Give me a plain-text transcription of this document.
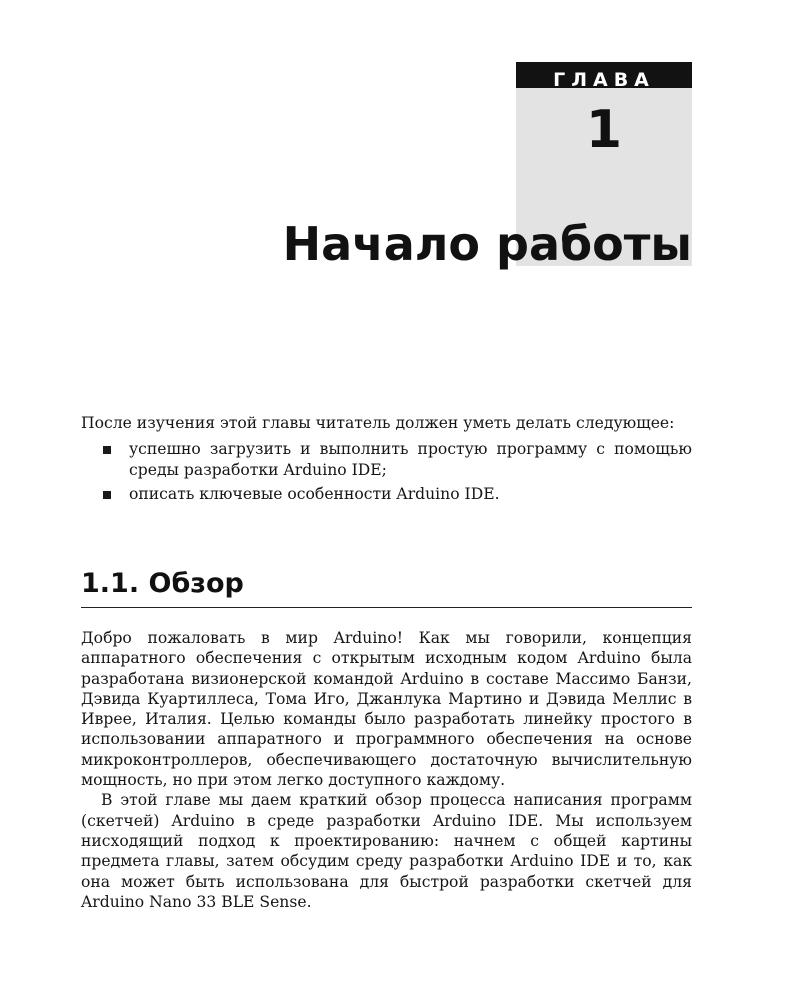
ГЛАВА
1
Начало работы

После изучения этой главы читатель должен уметь делать следующее:

успешно загрузить и выполнить простую программу с помощью среды разработки Arduino IDE;
описать ключевые особенности Arduino IDE.
1.1. Обзор

Добро пожаловать в мир Arduino! Как мы говорили, концепция аппаратного обеспечения с открытым исходным кодом Arduino была разработана визионерской командой Arduino в составе Массимо Банзи, Дэвида Куартиллеса, Тома Иго, Джанлука Мартино и Дэвида Меллис в Иврее, Италия. Целью команды было разработать линейку простого в использовании аппаратного и программного обеспечения на основе микроконтроллеров, обеспечивающего достаточную вычислительную мощность, но при этом легко доступного каждому.

В этой главе мы даем краткий обзор процесса написания программ (скетчей) Arduino в среде разработки Arduino IDE. Мы используем нисходящий подход к проектированию: начнем с общей картины предмета главы, затем обсудим среду разработки Arduino IDE и то, как она может быть использована для быстрой разработки скетчей для Arduino Nano 33 BLE Sense.
